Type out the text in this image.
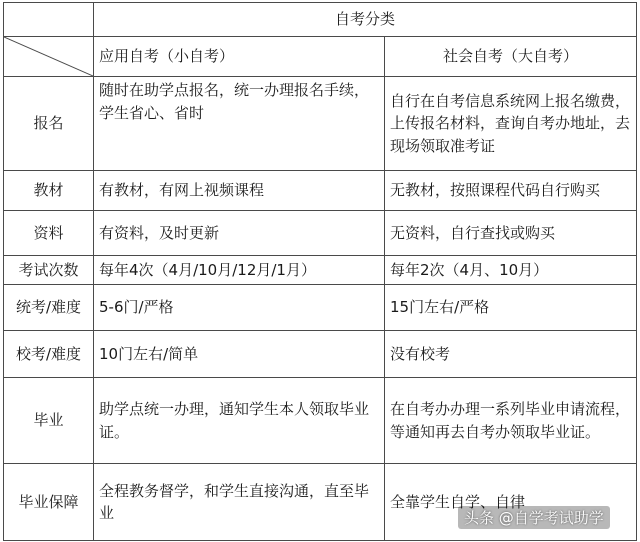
	自考分类	

	应用自考（小自考）	社会自考（大自考）
报名	随时在助学点报名，统一办理报名手续，学生省心、省时	自行在自考信息系统网上报名缴费，上传报名材料，查询自考办地址，去现场领取准考证
教材	有教材，有网上视频课程	无教材，按照课程代码自行购买
资料	有资料，及时更新	无资料，自行查找或购买
考试次数	每年4次（4月/10月/12月/1月）	每年2次（4月、10月）
统考/难度	5-6门/严格	15门左右/严格
校考/难度	10门左右/简单	没有校考
毕业	助学点统一办理，通知学生本人领取毕业证。	在自考办办理一系列毕业申请流程，等通知再去自考办领取毕业证。
毕业保障	全程教务督学，和学生直接沟通，直至毕业	全靠学生自学、自律
头条 @自学考试助学
